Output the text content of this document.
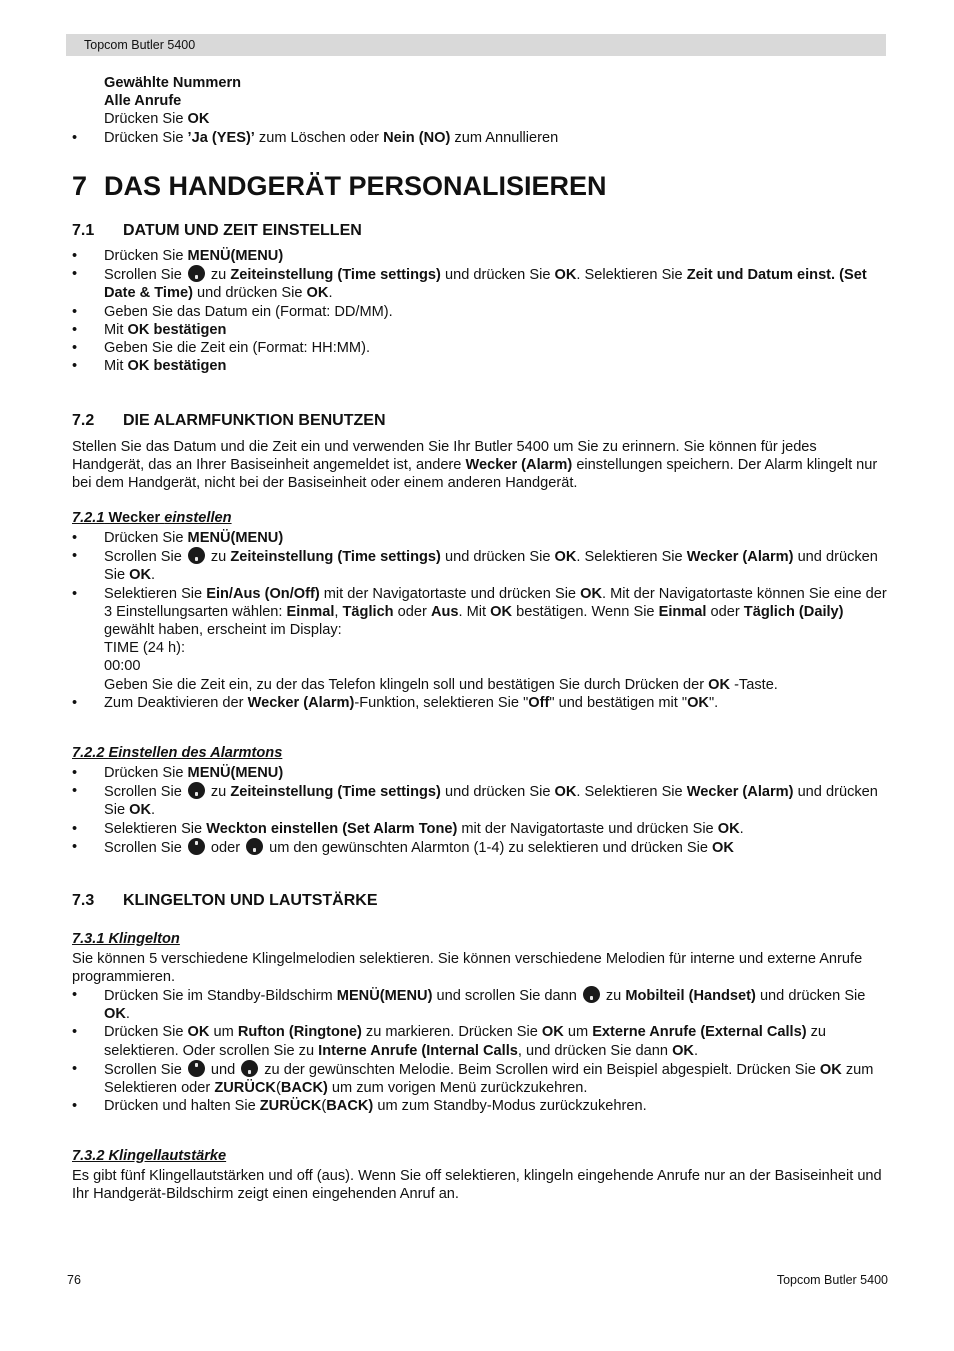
Topcom Butler 5400
Gewählte Nummern
Alle Anrufe
Drücken Sie OK
• Drücken Sie ’Ja (YES)’ zum Löschen oder Nein (NO) zum Annullieren
7 DAS HANDGERÄT PERSONALISIEREN
7.1 DATUM UND ZEIT EINSTELLEN
• Drücken Sie MENÜ(MENU)
• Scrollen Sie zu Zeiteinstellung (Time settings) und drücken Sie OK. Selektieren Sie Zeit und Datum einst. (Set Date & Time) und drücken Sie OK.
• Geben Sie das Datum ein (Format: DD/MM).
• Mit OK bestätigen
• Geben Sie die Zeit ein (Format: HH:MM).
• Mit OK bestätigen
7.2 DIE ALARMFUNKTION BENUTZEN
Stellen Sie das Datum und die Zeit ein und verwenden Sie Ihr Butler 5400 um Sie zu erinnern. Sie können für jedes Handgerät, das an Ihrer Basiseinheit angemeldet ist, andere Wecker (Alarm) einstellungen speichern. Der Alarm klingelt nur bei dem Handgerät, nicht bei der Basiseinheit oder einem anderen Handgerät.
7.2.1 Wecker einstellen
• Drücken Sie MENÜ(MENU)
• Scrollen Sie zu Zeiteinstellung (Time settings) und drücken Sie OK. Selektieren Sie Wecker (Alarm) und drücken Sie OK.
• Selektieren Sie Ein/Aus (On/Off) mit der Navigatortaste und drücken Sie OK. Mit der Navigatortaste können Sie eine der 3 Einstellungsarten wählen: Einmal, Täglich oder Aus. Mit OK bestätigen. Wenn Sie Einmal oder Täglich (Daily) gewählt haben, erscheint im Display:
TIME (24 h):
00:00
Geben Sie die Zeit ein, zu der das Telefon klingeln soll und bestätigen Sie durch Drücken der OK -Taste.
• Zum Deaktivieren der Wecker (Alarm)-Funktion, selektieren Sie "Off" und bestätigen mit "OK".
7.2.2 Einstellen des Alarmtons
• Drücken Sie MENÜ(MENU)
• Scrollen Sie zu Zeiteinstellung (Time settings) und drücken Sie OK. Selektieren Sie Wecker (Alarm) und drücken Sie OK.
• Selektieren Sie Weckton einstellen (Set Alarm Tone) mit der Navigatortaste und drücken Sie OK.
• Scrollen Sie oder um den gewünschten Alarmton (1-4) zu selektieren und drücken Sie OK
7.3 KLINGELTON UND LAUTSTÄRKE
7.3.1 Klingelton
Sie können 5 verschiedene Klingelmelodien selektieren. Sie können verschiedene Melodien für interne und externe Anrufe programmieren.
• Drücken Sie im Standby-Bildschirm MENÜ(MENU) und scrollen Sie dann zu Mobilteil (Handset) und drücken Sie OK.
• Drücken Sie OK um Rufton (Ringtone) zu markieren. Drücken Sie OK um Externe Anrufe (External Calls) zu selektieren. Oder scrollen Sie zu Interne Anrufe (Internal Calls, und drücken Sie dann OK.
• Scrollen Sie und zu der gewünschten Melodie. Beim Scrollen wird ein Beispiel abgespielt. Drücken Sie OK zum Selektieren oder ZURÜCK(BACK) um zum vorigen Menü zurückzukehren.
• Drücken und halten Sie ZURÜCK(BACK) um zum Standby-Modus zurückzukehren.
7.3.2 Klingellautstärke
Es gibt fünf Klingellautstärken und off (aus). Wenn Sie off selektieren, klingeln eingehende Anrufe nur an der Basiseinheit und Ihr Handgerät-Bildschirm zeigt einen eingehenden Anruf an.
76	Topcom Butler 5400
